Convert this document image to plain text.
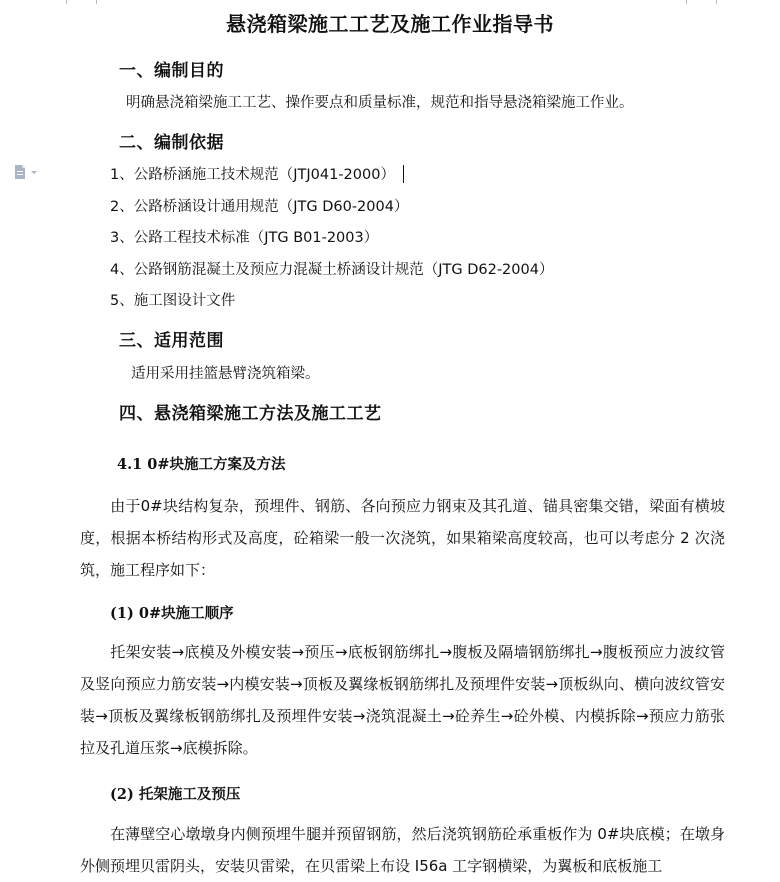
悬浇箱梁施工工艺及施工作业指导书
一、编制目的
明确悬浇箱梁施工工艺、操作要点和质量标准，规范和指导悬浇箱梁施工作业。
二、编制依据
1、公路桥涵施工技术规范（JTJ041-2000）
2、公路桥涵设计通用规范（JTG D60-2004）
3、公路工程技术标准（JTG B01-2003）
4、公路钢筋混凝土及预应力混凝土桥涵设计规范（JTG D62-2004）
5、施工图设计文件
三、适用范围
适用采用挂篮悬臂浇筑箱梁。
四、悬浇箱梁施工方法及施工工艺
4.1 0#块施工方案及方法
由于0#块结构复杂，预埋件、钢筋、各向预应力钢束及其孔道、锚具密集交错，梁面有横坡度，根据本桥结构形式及高度，砼箱梁一般一次浇筑，如果箱梁高度较高，也可以考虑分 2 次浇筑，施工程序如下：
(1) 0#块施工顺序
托架安装→底模及外模安装→预压→底板钢筋绑扎→腹板及隔墙钢筋绑扎→腹板预应力波纹管及竖向预应力筋安装→内模安装→顶板及翼缘板钢筋绑扎及预埋件安装→顶板纵向、横向波纹管安装→顶板及翼缘板钢筋绑扎及预埋件安装→浇筑混凝土→砼养生→砼外模、内模拆除→预应力筋张拉及孔道压浆→底模拆除。
(2) 托架施工及预压
在薄壁空心墩墩身内侧预埋牛腿并预留钢筋，然后浇筑钢筋砼承重板作为 0#块底模；在墩身外侧预埋贝雷阴头，安装贝雷梁，在贝雷梁上布设 I56a 工字钢横梁，为翼板和底板施工
